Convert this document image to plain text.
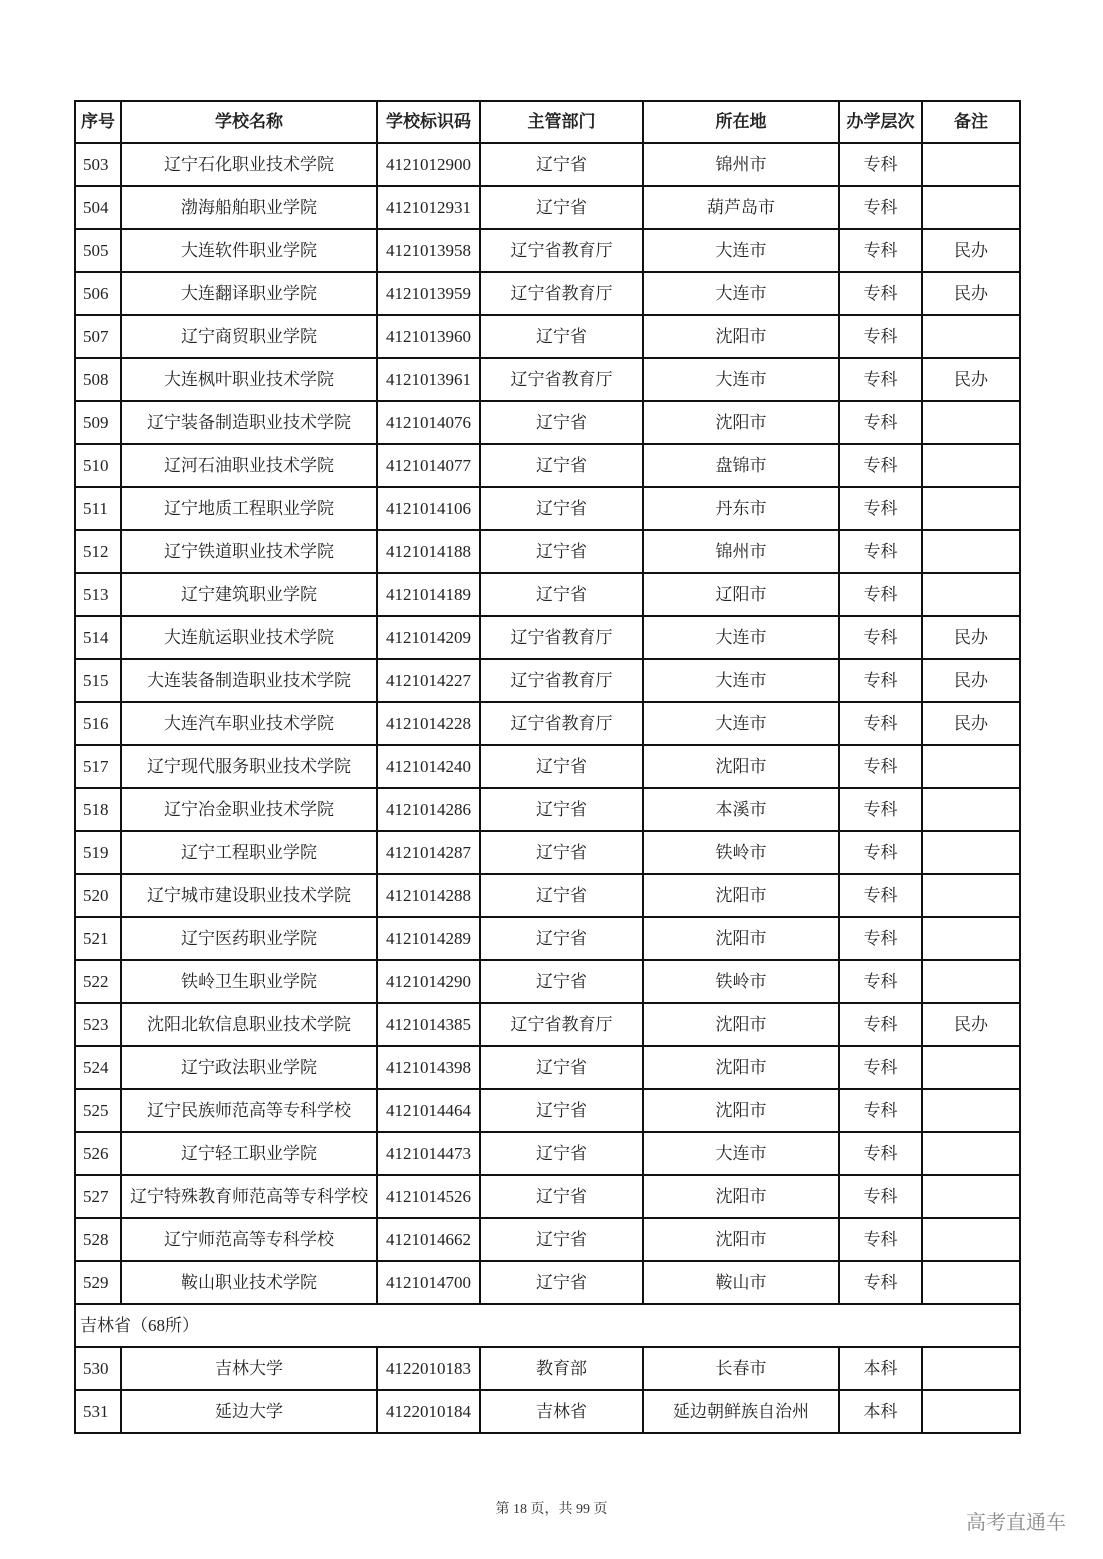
序号	学校名称	学校标识码	主管部门	所在地	办学层次	备注
503	辽宁石化职业技术学院	4121012900	辽宁省	锦州市	专科	
504	渤海船舶职业学院	4121012931	辽宁省	葫芦岛市	专科	
505	大连软件职业学院	4121013958	辽宁省教育厅	大连市	专科	民办
506	大连翻译职业学院	4121013959	辽宁省教育厅	大连市	专科	民办
507	辽宁商贸职业学院	4121013960	辽宁省	沈阳市	专科	
508	大连枫叶职业技术学院	4121013961	辽宁省教育厅	大连市	专科	民办
509	辽宁装备制造职业技术学院	4121014076	辽宁省	沈阳市	专科	
510	辽河石油职业技术学院	4121014077	辽宁省	盘锦市	专科	
511	辽宁地质工程职业学院	4121014106	辽宁省	丹东市	专科	
512	辽宁铁道职业技术学院	4121014188	辽宁省	锦州市	专科	
513	辽宁建筑职业学院	4121014189	辽宁省	辽阳市	专科	
514	大连航运职业技术学院	4121014209	辽宁省教育厅	大连市	专科	民办
515	大连装备制造职业技术学院	4121014227	辽宁省教育厅	大连市	专科	民办
516	大连汽车职业技术学院	4121014228	辽宁省教育厅	大连市	专科	民办
517	辽宁现代服务职业技术学院	4121014240	辽宁省	沈阳市	专科	
518	辽宁冶金职业技术学院	4121014286	辽宁省	本溪市	专科	
519	辽宁工程职业学院	4121014287	辽宁省	铁岭市	专科	
520	辽宁城市建设职业技术学院	4121014288	辽宁省	沈阳市	专科	
521	辽宁医药职业学院	4121014289	辽宁省	沈阳市	专科	
522	铁岭卫生职业学院	4121014290	辽宁省	铁岭市	专科	
523	沈阳北软信息职业技术学院	4121014385	辽宁省教育厅	沈阳市	专科	民办
524	辽宁政法职业学院	4121014398	辽宁省	沈阳市	专科	
525	辽宁民族师范高等专科学校	4121014464	辽宁省	沈阳市	专科	
526	辽宁轻工职业学院	4121014473	辽宁省	大连市	专科	
527	辽宁特殊教育师范高等专科学校	4121014526	辽宁省	沈阳市	专科	
528	辽宁师范高等专科学校	4121014662	辽宁省	沈阳市	专科	
529	鞍山职业技术学院	4121014700	辽宁省	鞍山市	专科	
吉林省（68所）						
530	吉林大学	4122010183	教育部	长春市	本科	
531	延边大学	4122010184	吉林省	延边朝鲜族自治州	本科	
第 18 页，共 99 页
高考直通车
